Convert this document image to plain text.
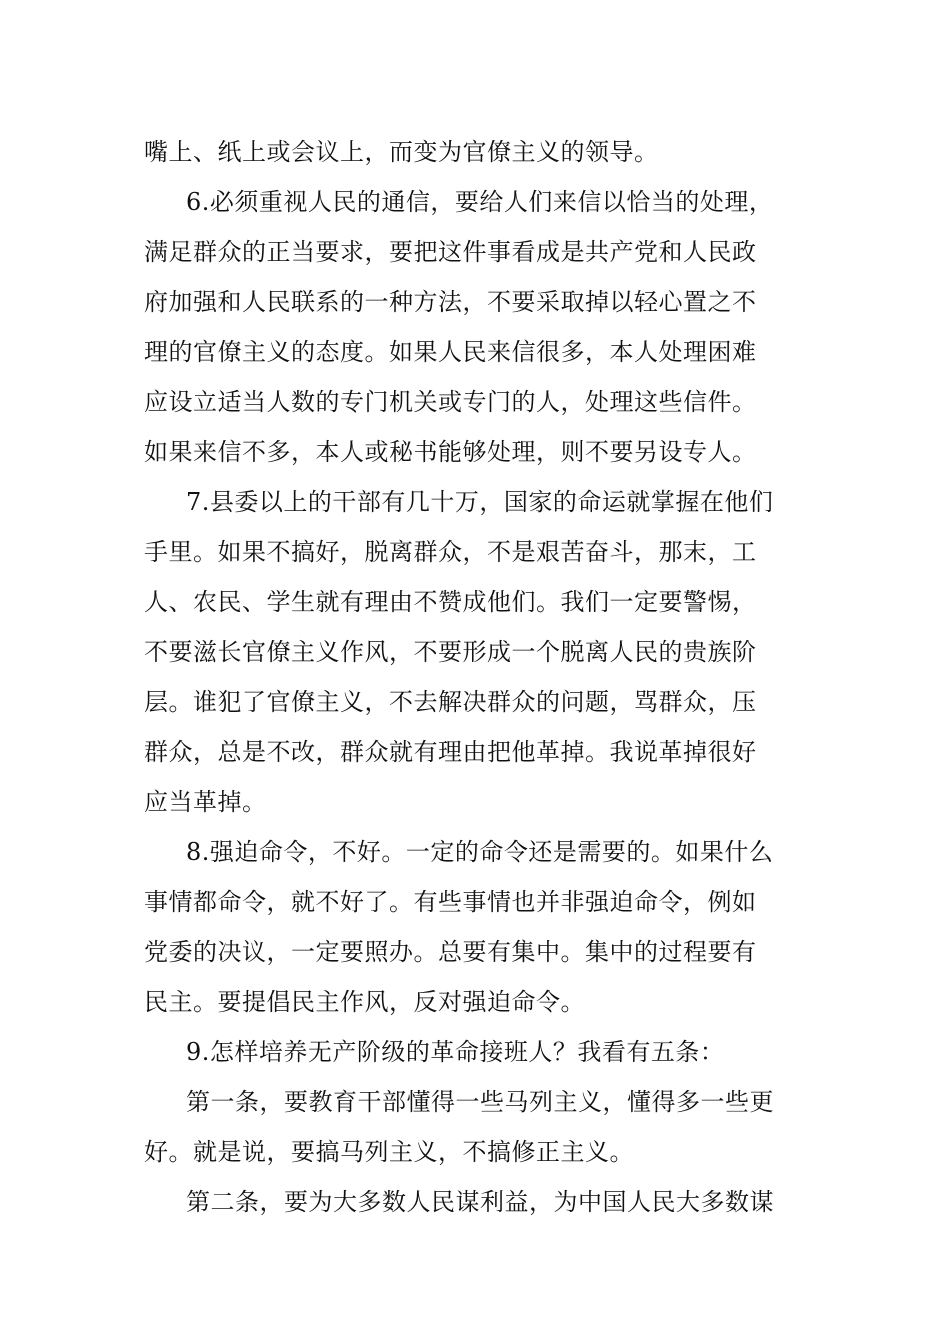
嘴上、纸上或会议上，而变为官僚主义的领导。
6.必须重视人民的通信，要给人们来信以恰当的处理，
满足群众的正当要求，要把这件事看成是共产党和人民政
府加强和人民联系的一种方法，不要采取掉以轻心置之不
理的官僚主义的态度。如果人民来信很多，本人处理困难
应设立适当人数的专门机关或专门的人，处理这些信件。
如果来信不多，本人或秘书能够处理，则不要另设专人。
7.县委以上的干部有几十万，国家的命运就掌握在他们
手里。如果不搞好，脱离群众，不是艰苦奋斗，那末，工
人、农民、学生就有理由不赞成他们。我们一定要警惕，
不要滋长官僚主义作风，不要形成一个脱离人民的贵族阶
层。谁犯了官僚主义，不去解决群众的问题，骂群众，压
群众，总是不改，群众就有理由把他革掉。我说革掉很好
应当革掉。
8.强迫命令，不好。一定的命令还是需要的。如果什么
事情都命令，就不好了。有些事情也并非强迫命令，例如
党委的决议，一定要照办。总要有集中。集中的过程要有
民主。要提倡民主作风，反对强迫命令。
9.怎样培养无产阶级的革命接班人？我看有五条：
第一条，要教育干部懂得一些马列主义，懂得多一些更
好。就是说，要搞马列主义，不搞修正主义。
第二条，要为大多数人民谋利益，为中国人民大多数谋
